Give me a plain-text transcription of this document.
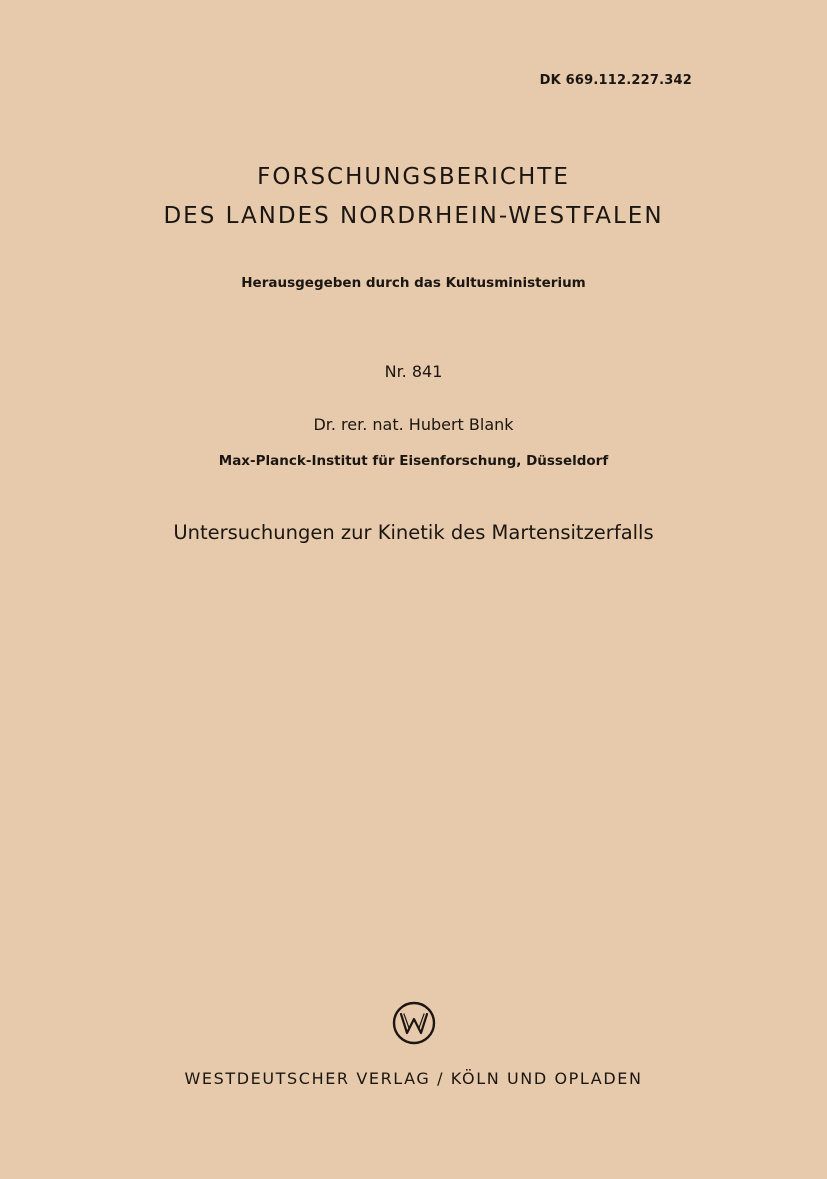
DK 669.112.227.342
FORSCHUNGSBERICHTE
DES LANDES NORDRHEIN-WESTFALEN
Herausgegeben durch das Kultusministerium
Nr. 841
Dr. rer. nat. Hubert Blank
Max-Planck-Institut für Eisenforschung, Düsseldorf
Untersuchungen zur Kinetik des Martensitzerfalls
WESTDEUTSCHER VERLAG / KÖLN UND OPLADEN
